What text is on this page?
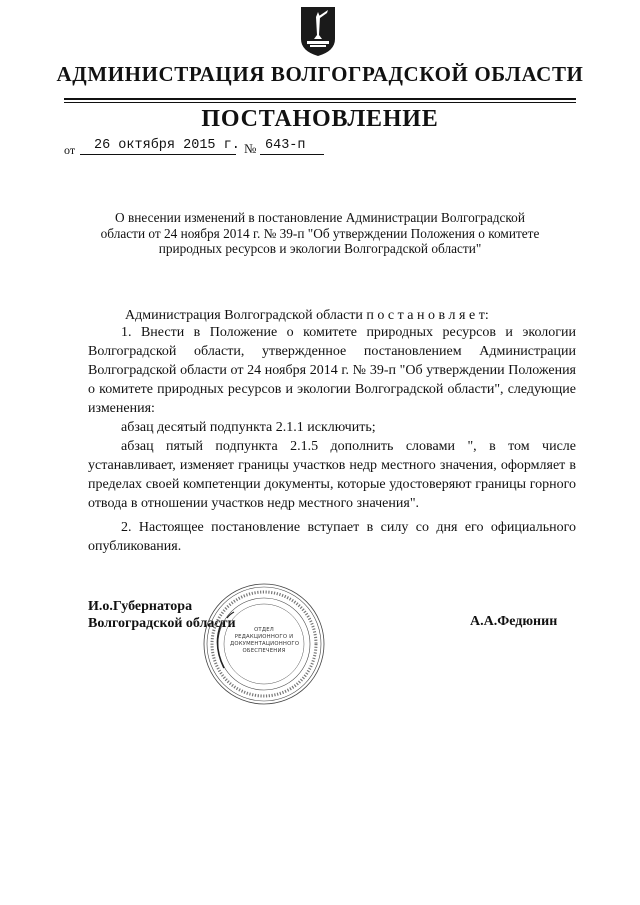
АДМИНИСТРАЦИЯ ВОЛГОГРАДСКОЙ ОБЛАСТИ
ПОСТАНОВЛЕНИЕ
от 26 октября 2015 г. № 643-п
О внесении изменений в постановление Администрации Волгоградской
области от 24 ноября 2014 г. № 39-п "Об утверждении Положения о комитете
природных ресурсов и экологии Волгоградской области"
Администрация Волгоградской области п о с т а н о в л я е т:
1. Внести в Положение о комитете природных ресурсов и экологии Волгоградской области, утвержденное постановлением Администрации Волгоградской области от 24 ноября 2014 г. № 39-п "Об утверждении Положения о комитете природных ресурсов и экологии Волгоградской области", следующие изменения:
абзац десятый подпункта 2.1.1 исключить;
абзац пятый подпункта 2.1.5 дополнить словами ", в том числе устанавливает, изменяет границы участков недр местного значения, оформляет в пределах своей компетенции документы, которые удостоверяют границы горного отвода в отношении участков недр местного значения".
2. Настоящее постановление вступает в силу со дня его официального опубликования.
И.о.Губернатора
Волгоградской области	А.А.Федюнин
ОТДЕЛ
РЕДАКЦИОННОГО И
ДОКУМЕНТАЦИОННОГО
ОБЕСПЕЧЕНИЯ
